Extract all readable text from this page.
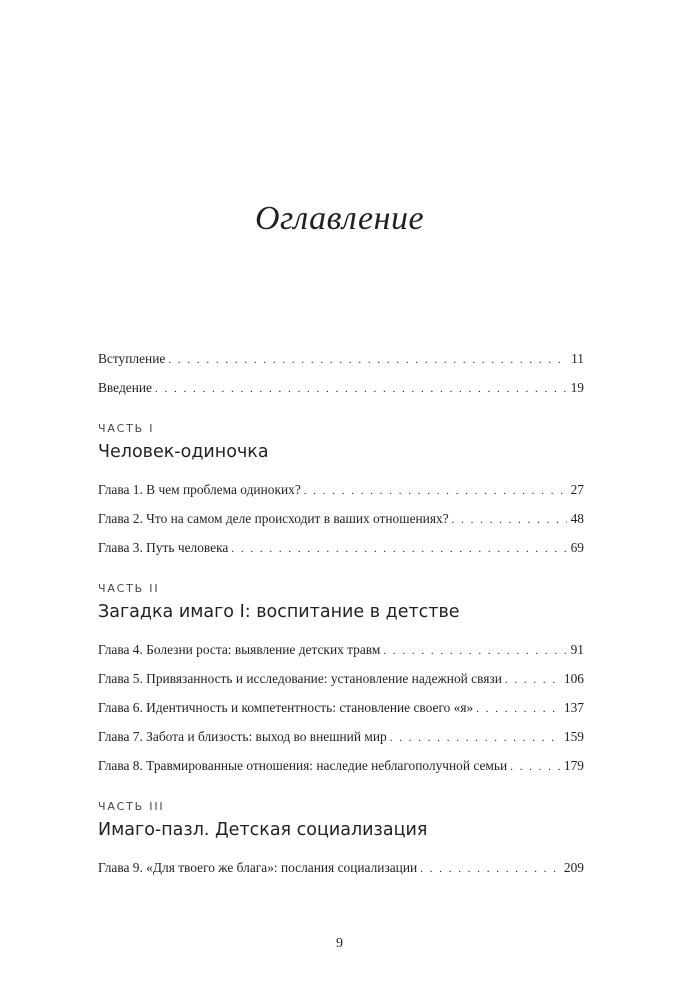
Оглавление
Вступление . . .	11
Введение . . .	19
ЧАСТЬ I
Человек-одиночка
Глава 1. В чем проблема одиноких? . . .	27
Глава 2. Что на самом деле происходит в ваших отношениях? . . .	48
Глава 3. Путь человека . . .	69
ЧАСТЬ II
Загадка имаго I: воспитание в детстве
Глава 4. Болезни роста: выявление детских травм . . .	91
Глава 5. Привязанность и исследование: установление надежной связи . . .	106
Глава 6. Идентичность и компетентность: становление своего «я» . . .	137
Глава 7. Забота и близость: выход во внешний мир . . .	159
Глава 8. Травмированные отношения: наследие неблагополучной семьи . . .	179
ЧАСТЬ III
Имаго-пазл. Детская социализация
Глава 9. «Для твоего же блага»: послания социализации . . .	209
9
